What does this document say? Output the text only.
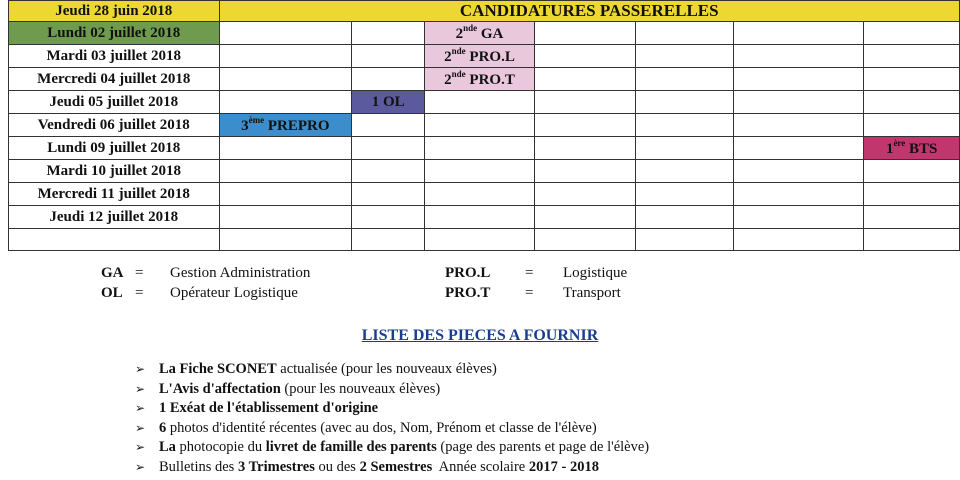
Jeudi 28 juin 2018	CANDIDATURES PASSERELLES						
Lundi 02 juillet 2018			2nde GA				
Mardi 03 juillet 2018			2nde PRO.L				
Mercredi 04 juillet 2018			2nde PRO.T				
Jeudi 05 juillet 2018		1 OL					
Vendredi 06 juillet 2018	3ème PREPRO						
Lundi 09 juillet 2018							1ère BTS
Mardi 10 juillet 2018							
Mercredi 11 juillet 2018							
Jeudi 12 juillet 2018							

GA = Gestion Administration
OL = Opérateur Logistique
PRO.L = Logistique
PRO.T = Transport
LISTE DES PIECES A FOURNIR
➢ La Fiche SCONET actualisée (pour les nouveaux élèves)
➢ L'Avis d'affectation (pour les nouveaux élèves)
➢ 1 Exéat de l'établissement d'origine
➢ 6 photos d'identité récentes (avec au dos, Nom, Prénom et classe de l'élève)
➢ La photocopie du livret de famille des parents (page des parents et page de l'élève)
➢ Bulletins des 3 Trimestres ou des 2 Semestres  Année scolaire 2017 - 2018
